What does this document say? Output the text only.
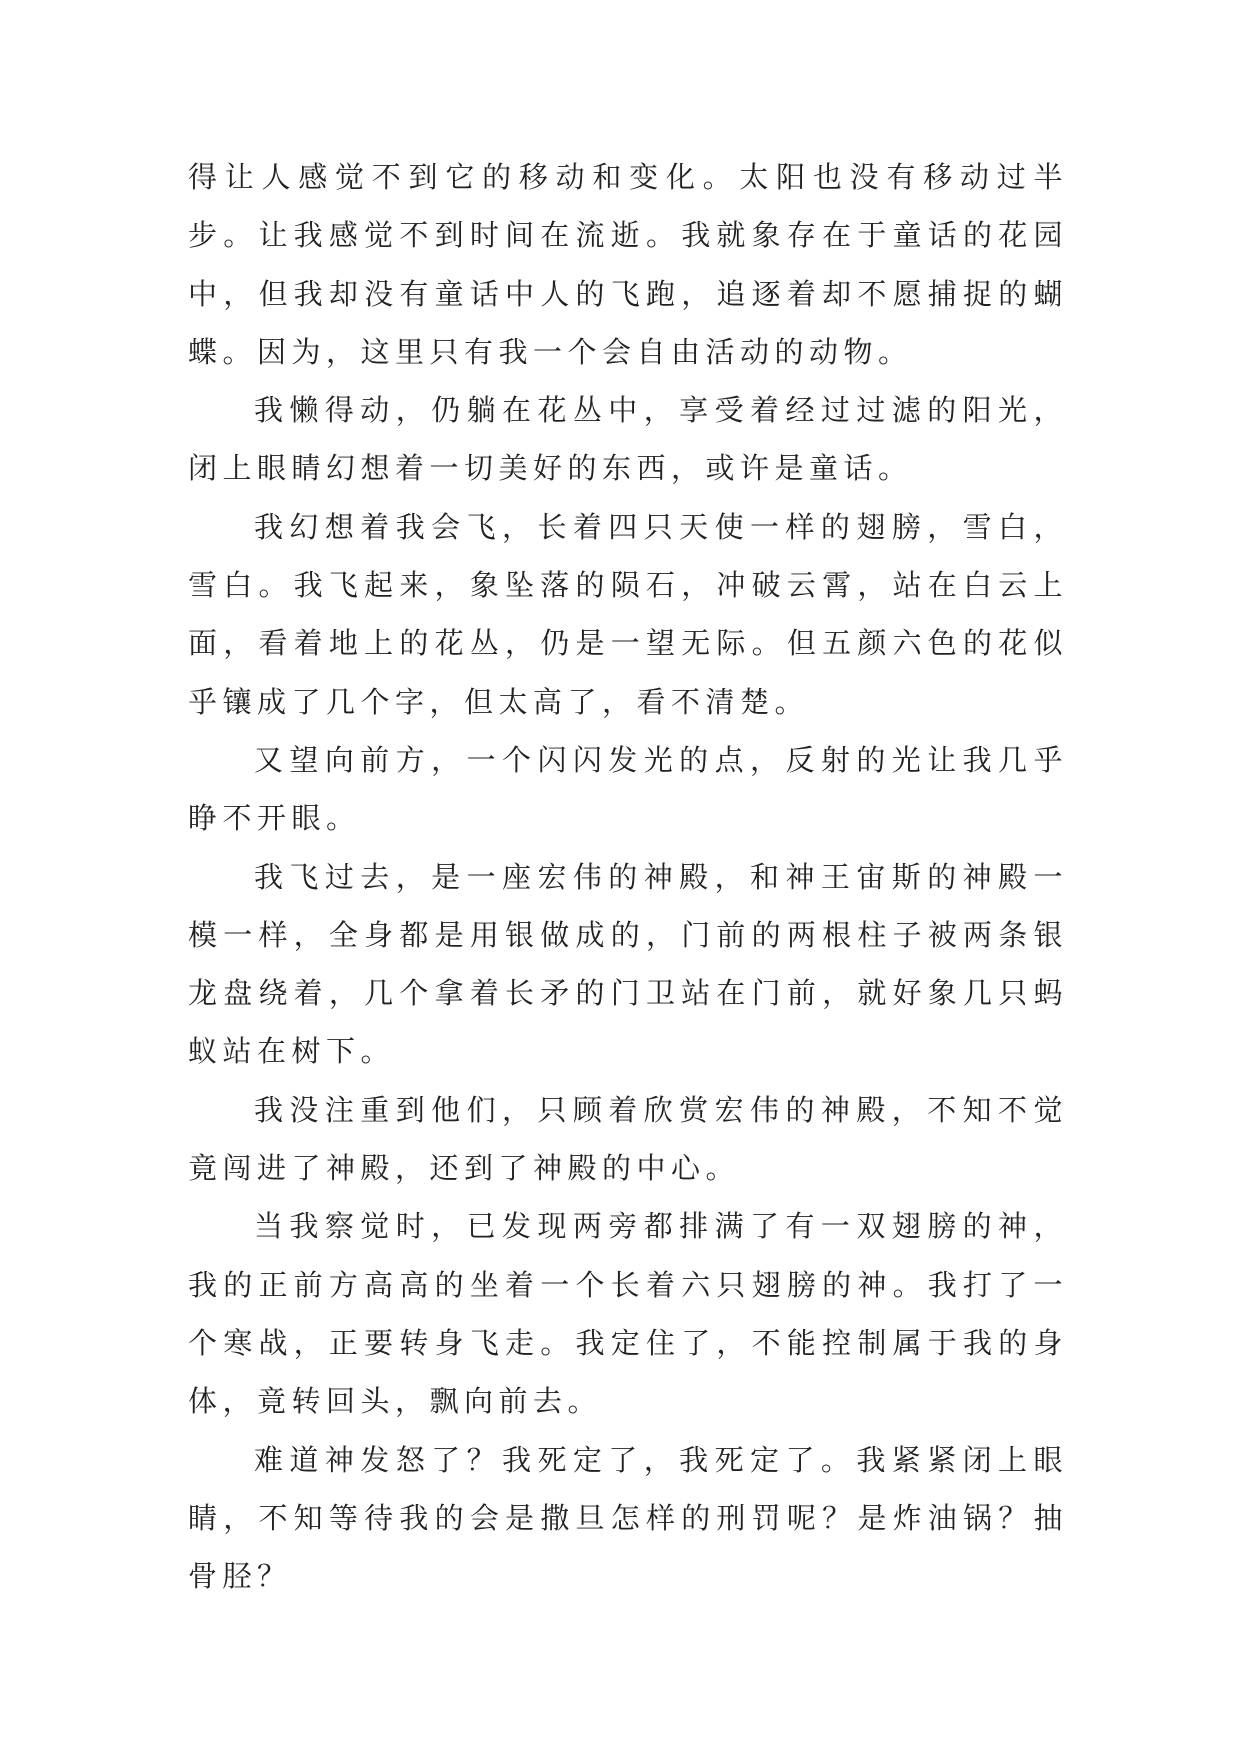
得让人感觉不到它的移动和变化。太阳也没有移动过半步。让我感觉不到时间在流逝。我就象存在于童话的花园中，但我却没有童话中人的飞跑，追逐着却不愿捕捉的蝴蝶。因为，这里只有我一个会自由活动的动物。

我懒得动，仍躺在花丛中，享受着经过过滤的阳光，闭上眼睛幻想着一切美好的东西，或许是童话。

我幻想着我会飞，长着四只天使一样的翅膀，雪白，雪白。我飞起来，象坠落的陨石，冲破云霄，站在白云上面，看着地上的花丛，仍是一望无际。但五颜六色的花似乎镶成了几个字，但太高了，看不清楚。

又望向前方，一个闪闪发光的点，反射的光让我几乎睁不开眼。

我飞过去，是一座宏伟的神殿，和神王宙斯的神殿一模一样，全身都是用银做成的，门前的两根柱子被两条银龙盘绕着，几个拿着长矛的门卫站在门前，就好象几只蚂蚁站在树下。

我没注重到他们，只顾着欣赏宏伟的神殿，不知不觉竟闯进了神殿，还到了神殿的中心。

当我察觉时，已发现两旁都排满了有一双翅膀的神，我的正前方高高的坐着一个长着六只翅膀的神。我打了一个寒战，正要转身飞走。我定住了，不能控制属于我的身体，竟转回头，飘向前去。

难道神发怒了？我死定了，我死定了。我紧紧闭上眼睛，不知等待我的会是撒旦怎样的刑罚呢？是炸油锅？抽骨胫？
